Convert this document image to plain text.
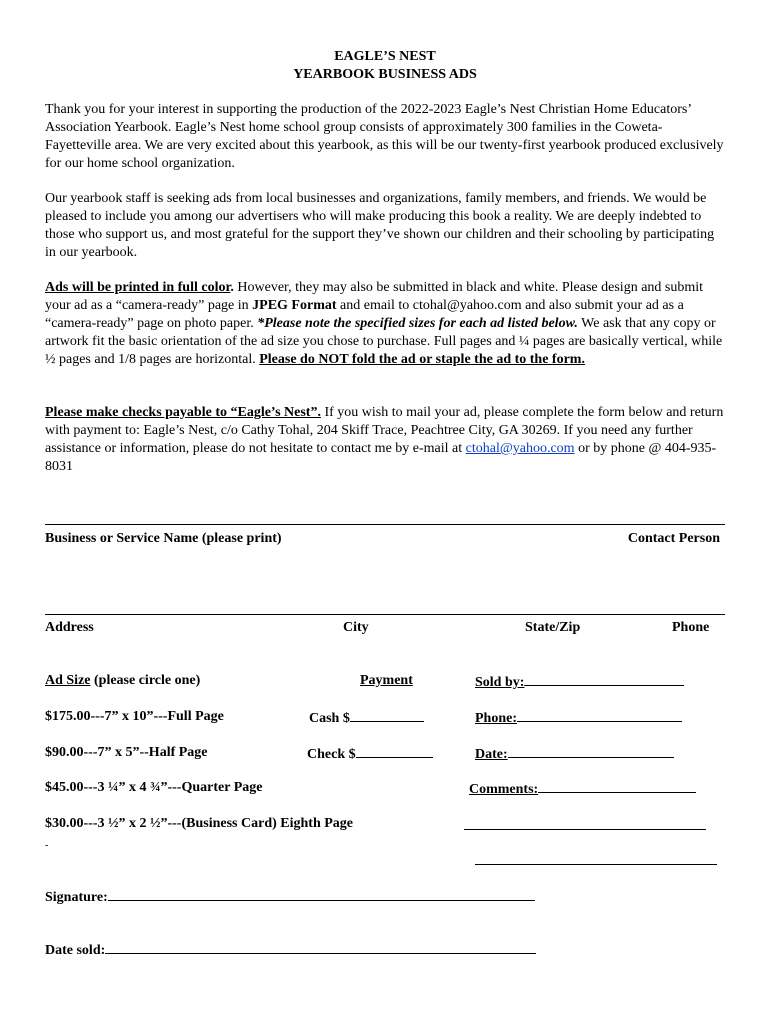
EAGLE’S NEST
YEARBOOK BUSINESS ADS

Thank you for your interest in supporting the production of the 2022-2023 Eagle’s Nest Christian Home Educators’ Association Yearbook. Eagle’s Nest home school group consists of approximately 300 families in the Coweta-Fayetteville area. We are very excited about this yearbook, as this will be our twenty-first yearbook produced exclusively for our home school organization.

Our yearbook staff is seeking ads from local businesses and organizations, family members, and friends. We would be pleased to include you among our advertisers who will make producing this book a reality. We are deeply indebted to those who support us, and most grateful for the support they’ve shown our children and their schooling by participating in our yearbook.

Ads will be printed in full color. However, they may also be submitted in black and white. Please design and submit your ad as a “camera-ready” page in JPEG Format and email to ctohal@yahoo.com and also submit your ad as a “camera-ready” page on photo paper. *Please note the specified sizes for each ad listed below. We ask that any copy or artwork fit the basic orientation of the ad size you chose to purchase. Full pages and ¼ pages are basically vertical, while ½ pages and 1/8 pages are horizontal. Please do NOT fold the ad or staple the ad to the form.

Please make checks payable to “Eagle’s Nest”. If you wish to mail your ad, please complete the form below and return with payment to: Eagle’s Nest, c/o Cathy Tohal, 204 Skiff Trace, Peachtree City, GA 30269. If you need any further assistance or information, please do not hesitate to contact me by e-mail at ctohal@yahoo.com or by phone @ 404-935-8031

Business or Service Name (please print)	Contact Person
Address	City	State/Zip	Phone
Ad Size (please circle one)	Payment	Sold by:
$175.00---7” x 10”---Full Page	Cash $	Phone:
$90.00---7” x 5”--Half Page	Check $	Date:
$45.00---3 ¼” x 4 ¾”---Quarter Page	Comments:
$30.00---3 ½” x 2 ½”---(Business Card) Eighth Page
-
Signature:
Date sold:
